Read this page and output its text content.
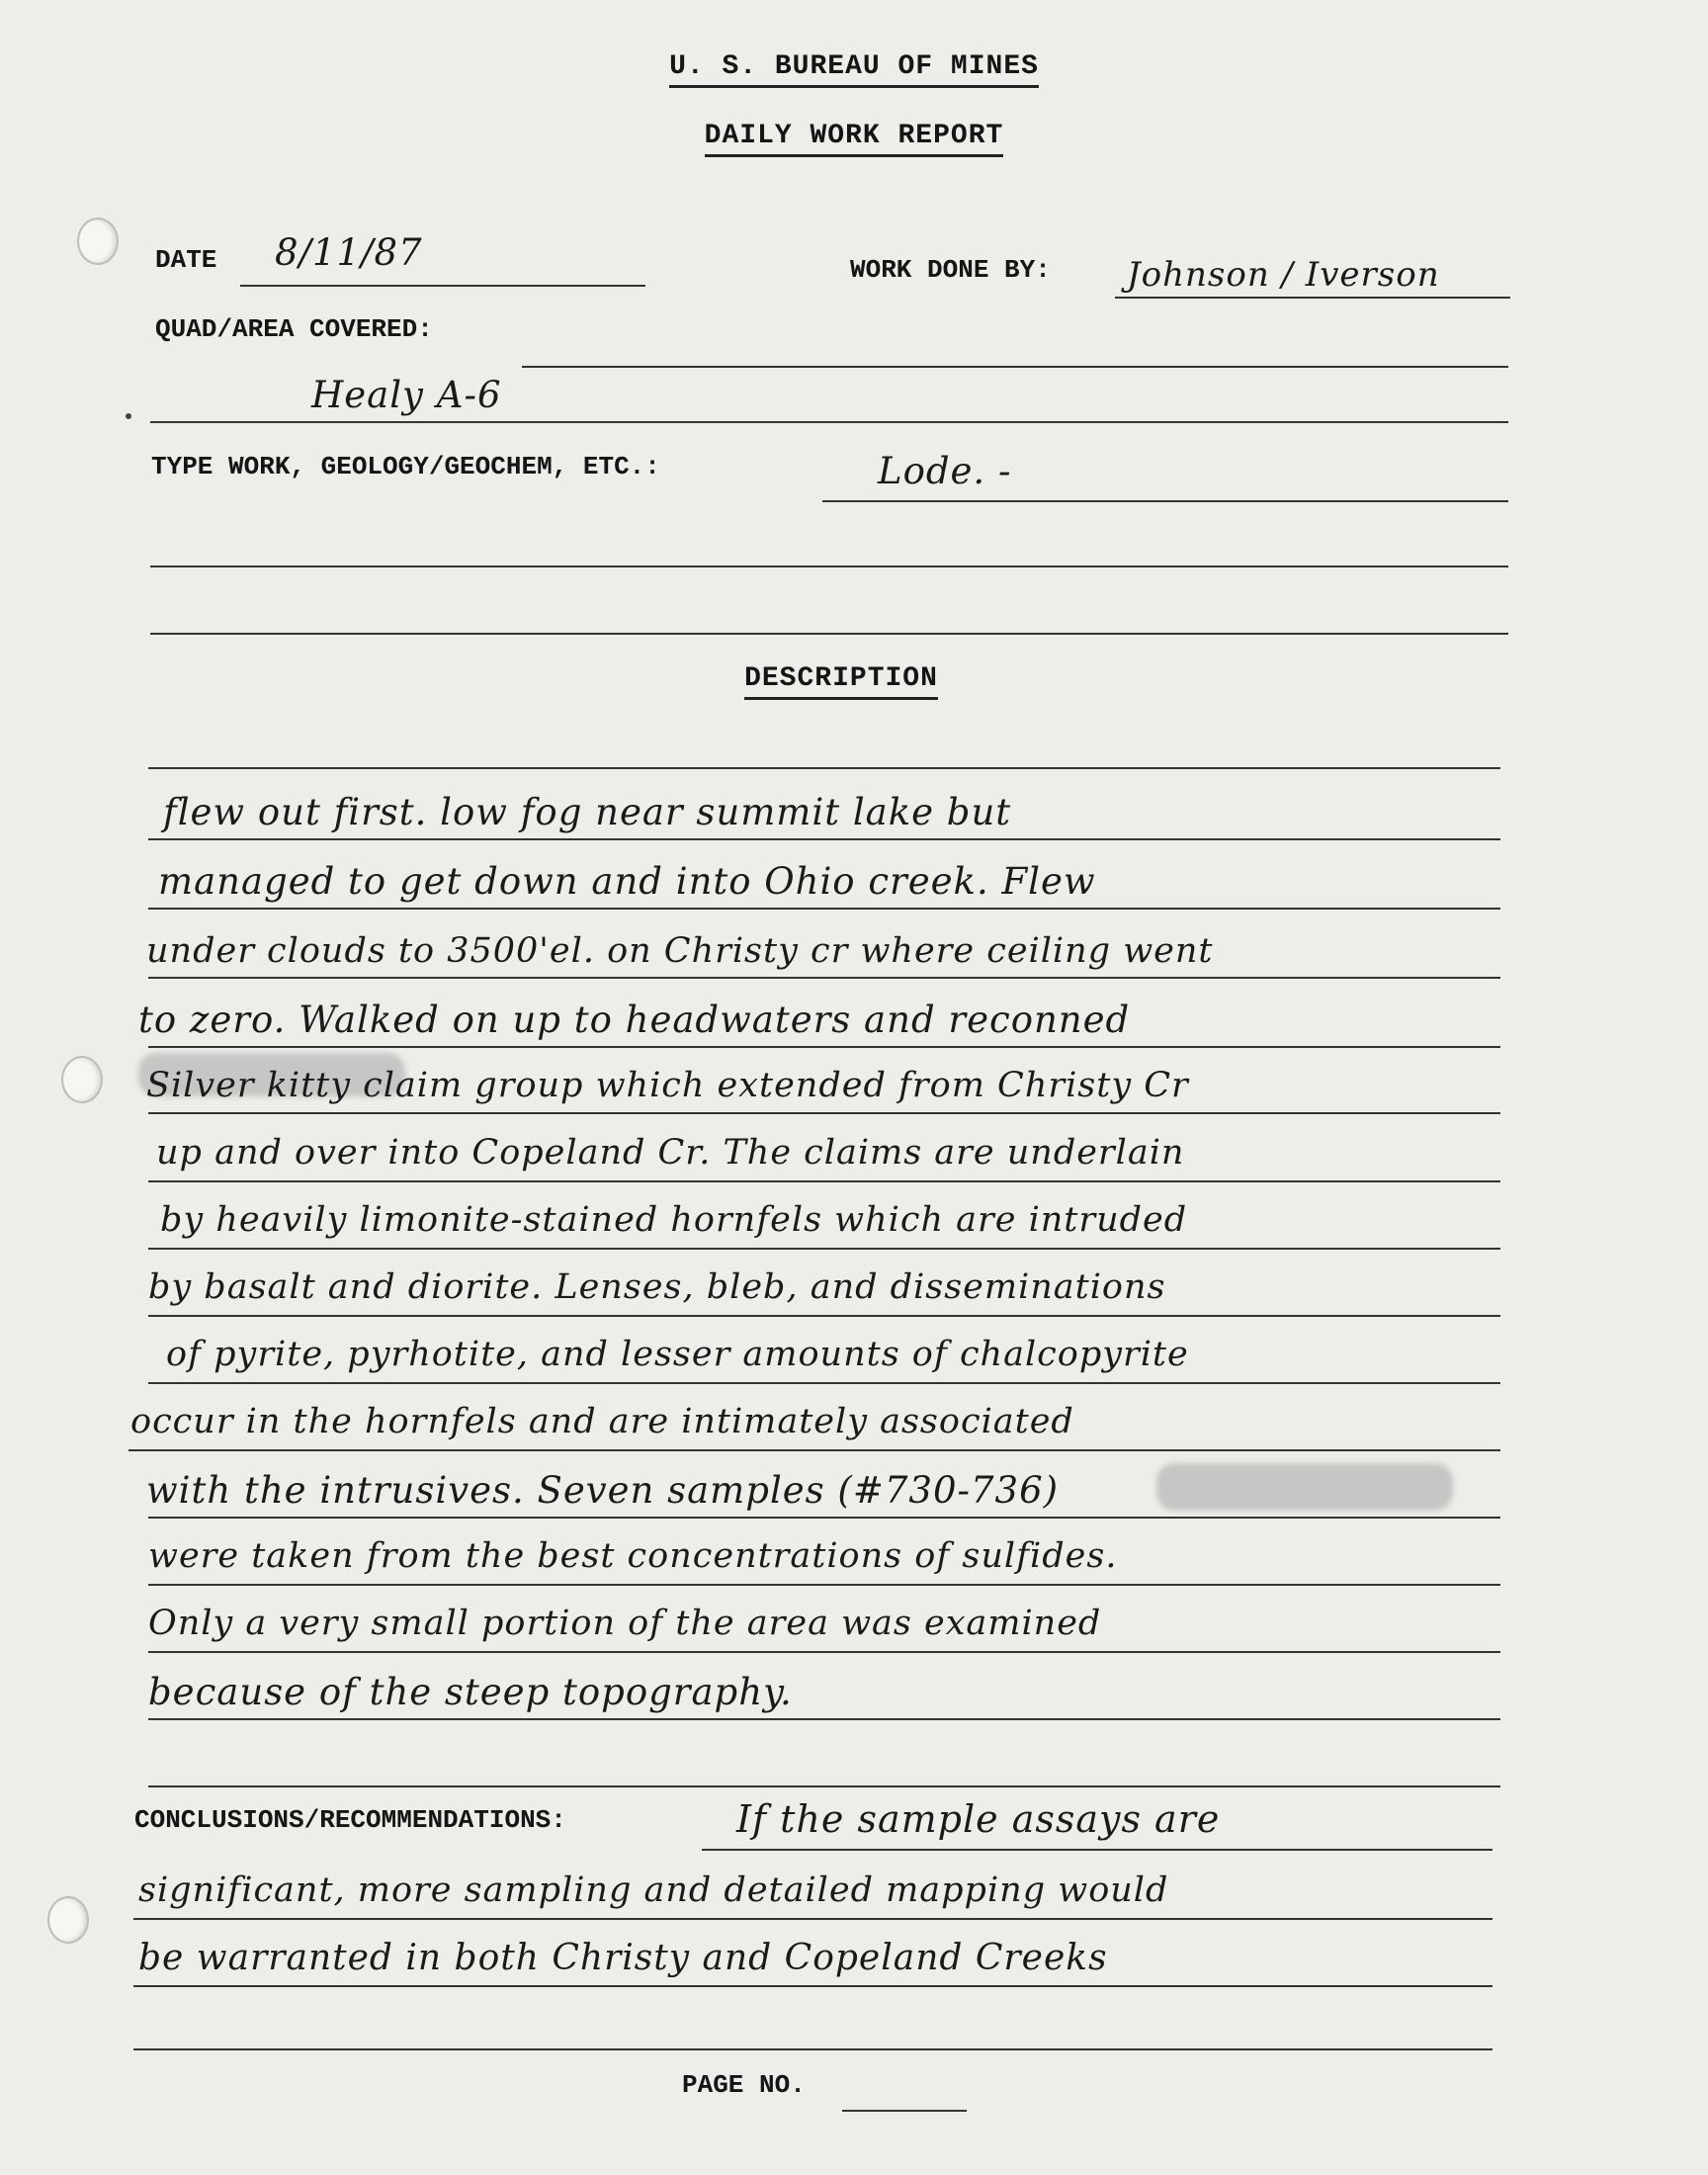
U. S. BUREAU OF MINES
DAILY WORK REPORT
DATE 8/11/87	WORK DONE BY: Johnson / Iverson
QUAD/AREA COVERED:
Healy A-6
TYPE WORK, GEOLOGY/GEOCHEM, ETC.:	Lode. -
DESCRIPTION
flew out first. low fog near summit lake but
managed to get down and into Ohio creek. Flew
under clouds to 3500'el. on Christy cr where ceiling went
to zero. Walked on up to headwaters and reconned
Silver kitty claim group which extended from Christy Cr
up and over into Copeland Cr. The claims are underlain
by heavily limonite-stained hornfels which are intruded
by basalt and diorite. Lenses, bleb, and disseminations
of pyrite, pyrhotite, and lesser amounts of chalcopyrite
occur in the hornfels and are intimately associated
with the intrusives. Seven samples (#730-736)
were taken from the best concentrations of sulfides.
Only a very small portion of the area was examined
because of the steep topography.
CONCLUSIONS/RECOMMENDATIONS:	If the sample assays are
significant, more sampling and detailed mapping would
be warranted in both Christy and Copeland Creeks
PAGE NO.
